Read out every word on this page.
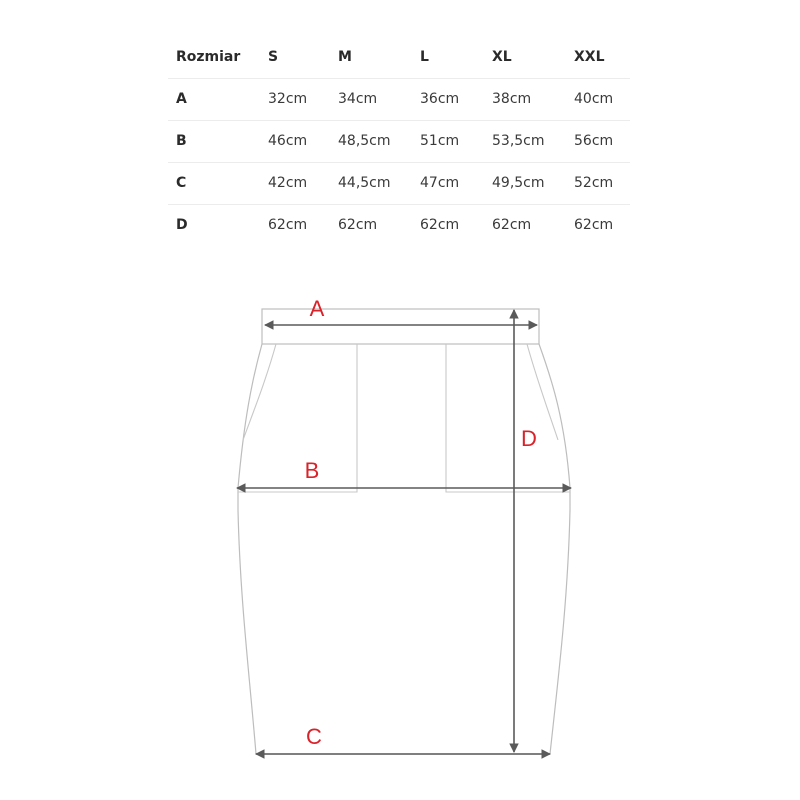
Rozmiar S	M	L	XL	XXL
A	32cm 34cm	36cm 38cm	40cm
B	46cm 48,5cm 51cm 53,5cm 56cm
C	42cm 44,5cm 47cm 49,5cm 52cm
D	62cm 62cm	62cm 62cm	62cm
A
B
C
D
